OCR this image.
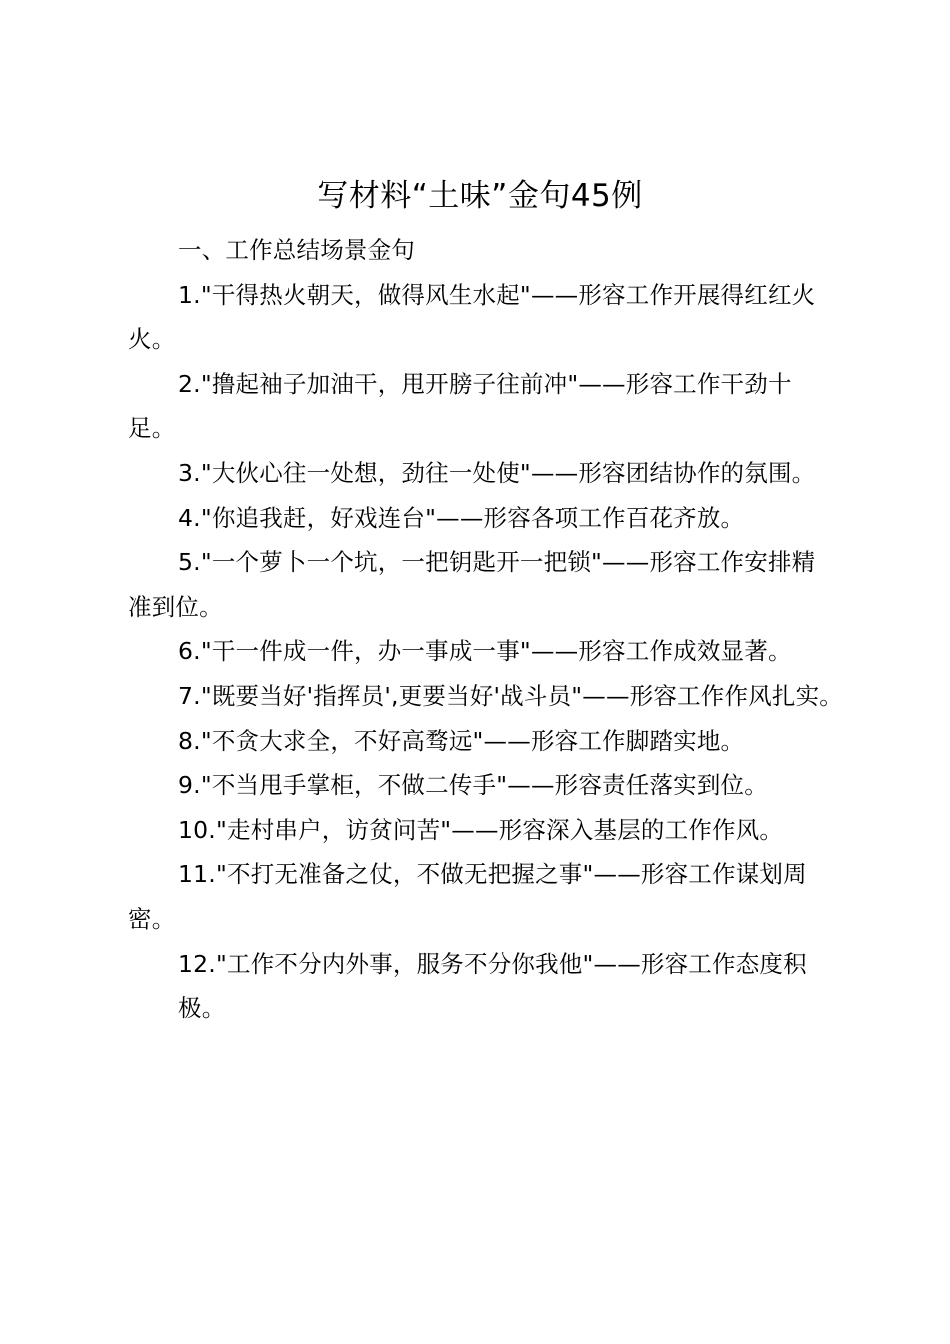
写材料“土味”金句45例

一、工作总结场景金句

1."干得热火朝天，做得风生水起"——形容工作开展得红红火火。

2."撸起袖子加油干，甩开膀子往前冲"——形容工作干劲十足。

3."大伙心往一处想，劲往一处使"——形容团结协作的氛围。

4."你追我赶，好戏连台"——形容各项工作百花齐放。

5."一个萝卜一个坑，一把钥匙开一把锁"——形容工作安排精准到位。

6."干一件成一件，办一事成一事"——形容工作成效显著。

7."既要当好'指挥员',更要当好'战斗员"——形容工作作风扎实。

8."不贪大求全，不好高骛远"——形容工作脚踏实地。

9."不当甩手掌柜，不做二传手"——形容责任落实到位。

10."走村串户，访贫问苦"——形容深入基层的工作作风。

11."不打无准备之仗，不做无把握之事"——形容工作谋划周密。

12."工作不分内外事，服务不分你我他"——形容工作态度积极。
